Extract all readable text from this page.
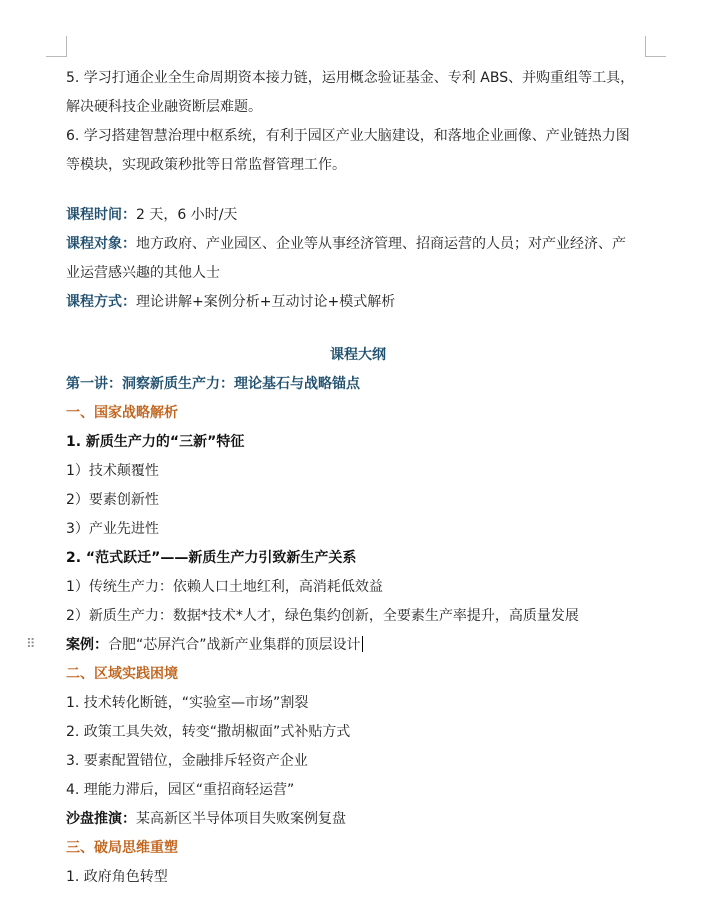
⠿
5. 学习打通企业全生命周期资本接力链，运用概念验证基金、专利 ABS、并购重组等工具，
解决硬科技企业融资断层难题。
6. 学习搭建智慧治理中枢系统，有利于园区产业大脑建设，和落地企业画像、产业链热力图
等模块，实现政策秒批等日常监督管理工作。
课程时间：2 天，6 小时/天
课程对象：地方政府、产业园区、企业等从事经济管理、招商运营的人员；对产业经济、产
业运营感兴趣的其他人士
课程方式：理论讲解+案例分析+互动讨论+模式解析
课程大纲
第一讲：洞察新质生产力：理论基石与战略锚点
一、国家战略解析
1. 新质生产力的“三新”特征
1）技术颠覆性
2）要素创新性
3）产业先进性
2. “范式跃迁”——新质生产力引致新生产关系
1）传统生产力：依赖人口土地红利，高消耗低效益
2）新质生产力：数据*技术*人才，绿色集约创新，全要素生产率提升，高质量发展
案例：合肥“芯屏汽合”战新产业集群的顶层设计
二、区域实践困境
1. 技术转化断链，“实验室—市场”割裂
2. 政策工具失效，转变“撒胡椒面”式补贴方式
3. 要素配置错位，金融排斥轻资产企业
4. 理能力滞后，园区“重招商轻运营”
沙盘推演：某高新区半导体项目失败案例复盘
三、破局思维重塑
1. 政府角色转型
